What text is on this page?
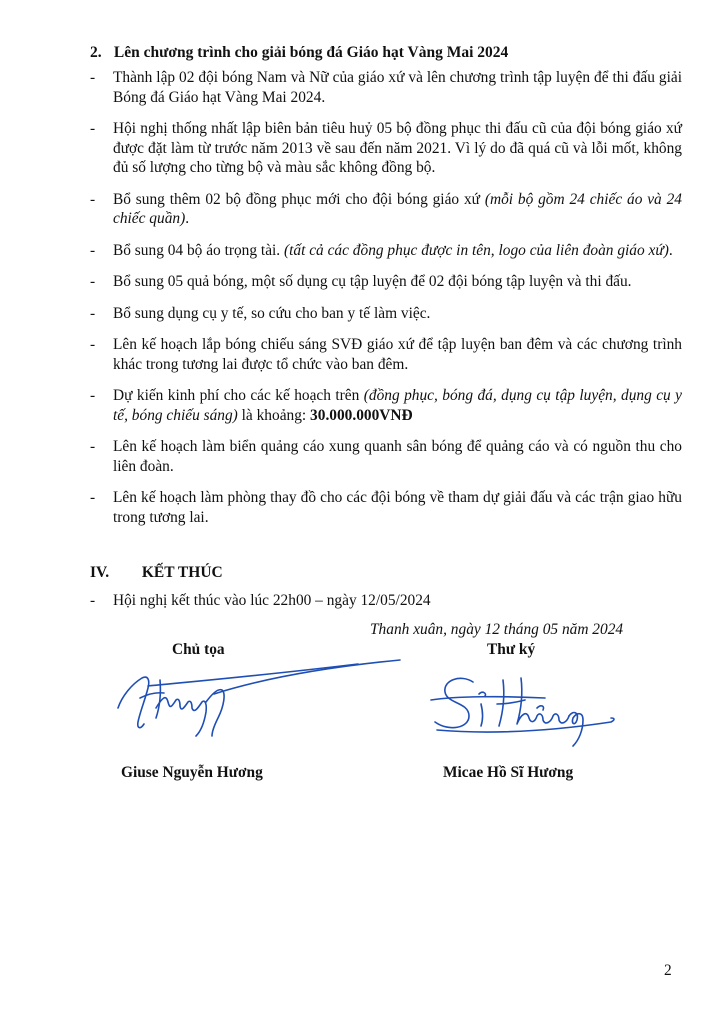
2. Lên chương trình cho giải bóng đá Giáo hạt Vàng Mai 2024
- Thành lập 02 đội bóng Nam và Nữ của giáo xứ và lên chương trình tập luyện để thi đấu giải Bóng đá Giáo hạt Vàng Mai 2024.
- Hội nghị thống nhất lập biên bản tiêu huỷ 05 bộ đồng phục thi đấu cũ của đội bóng giáo xứ được đặt làm từ trước năm 2013 về sau đến năm 2021. Vì lý do đã quá cũ và lỗi mốt, không đủ số lượng cho từng bộ và màu sắc không đồng bộ.
- Bổ sung thêm 02 bộ đồng phục mới cho đội bóng giáo xứ (mỗi bộ gồm 24 chiếc áo và 24 chiếc quần).
- Bổ sung 04 bộ áo trọng tài. (tất cả các đồng phục được in tên, logo của liên đoàn giáo xứ).
- Bổ sung 05 quả bóng, một số dụng cụ tập luyện để 02 đội bóng tập luyện và thi đấu.
- Bổ sung dụng cụ y tế, so cứu cho ban y tế làm việc.
- Lên kế hoạch lắp bóng chiếu sáng SVĐ giáo xứ để tập luyện ban đêm và các chương trình khác trong tương lai được tổ chức vào ban đêm.
- Dự kiến kinh phí cho các kế hoạch trên (đồng phục, bóng đá, dụng cụ tập luyện, dụng cụ y tế, bóng chiếu sáng) là khoảng: 30.000.000VNĐ
- Lên kế hoạch làm biển quảng cáo xung quanh sân bóng để quảng cáo và có nguồn thu cho liên đoàn.
- Lên kế hoạch làm phòng thay đồ cho các đội bóng về tham dự giải đấu và các trận giao hữu trong tương lai.
IV. KẾT THÚC
- Hội nghị kết thúc vào lúc 22h00 – ngày 12/05/2024
Thanh xuân, ngày 12 tháng 05 năm 2024
Chủ tọa	Thư ký
Giuse Nguyễn Hương	Micae Hồ Sĩ Hương
2
